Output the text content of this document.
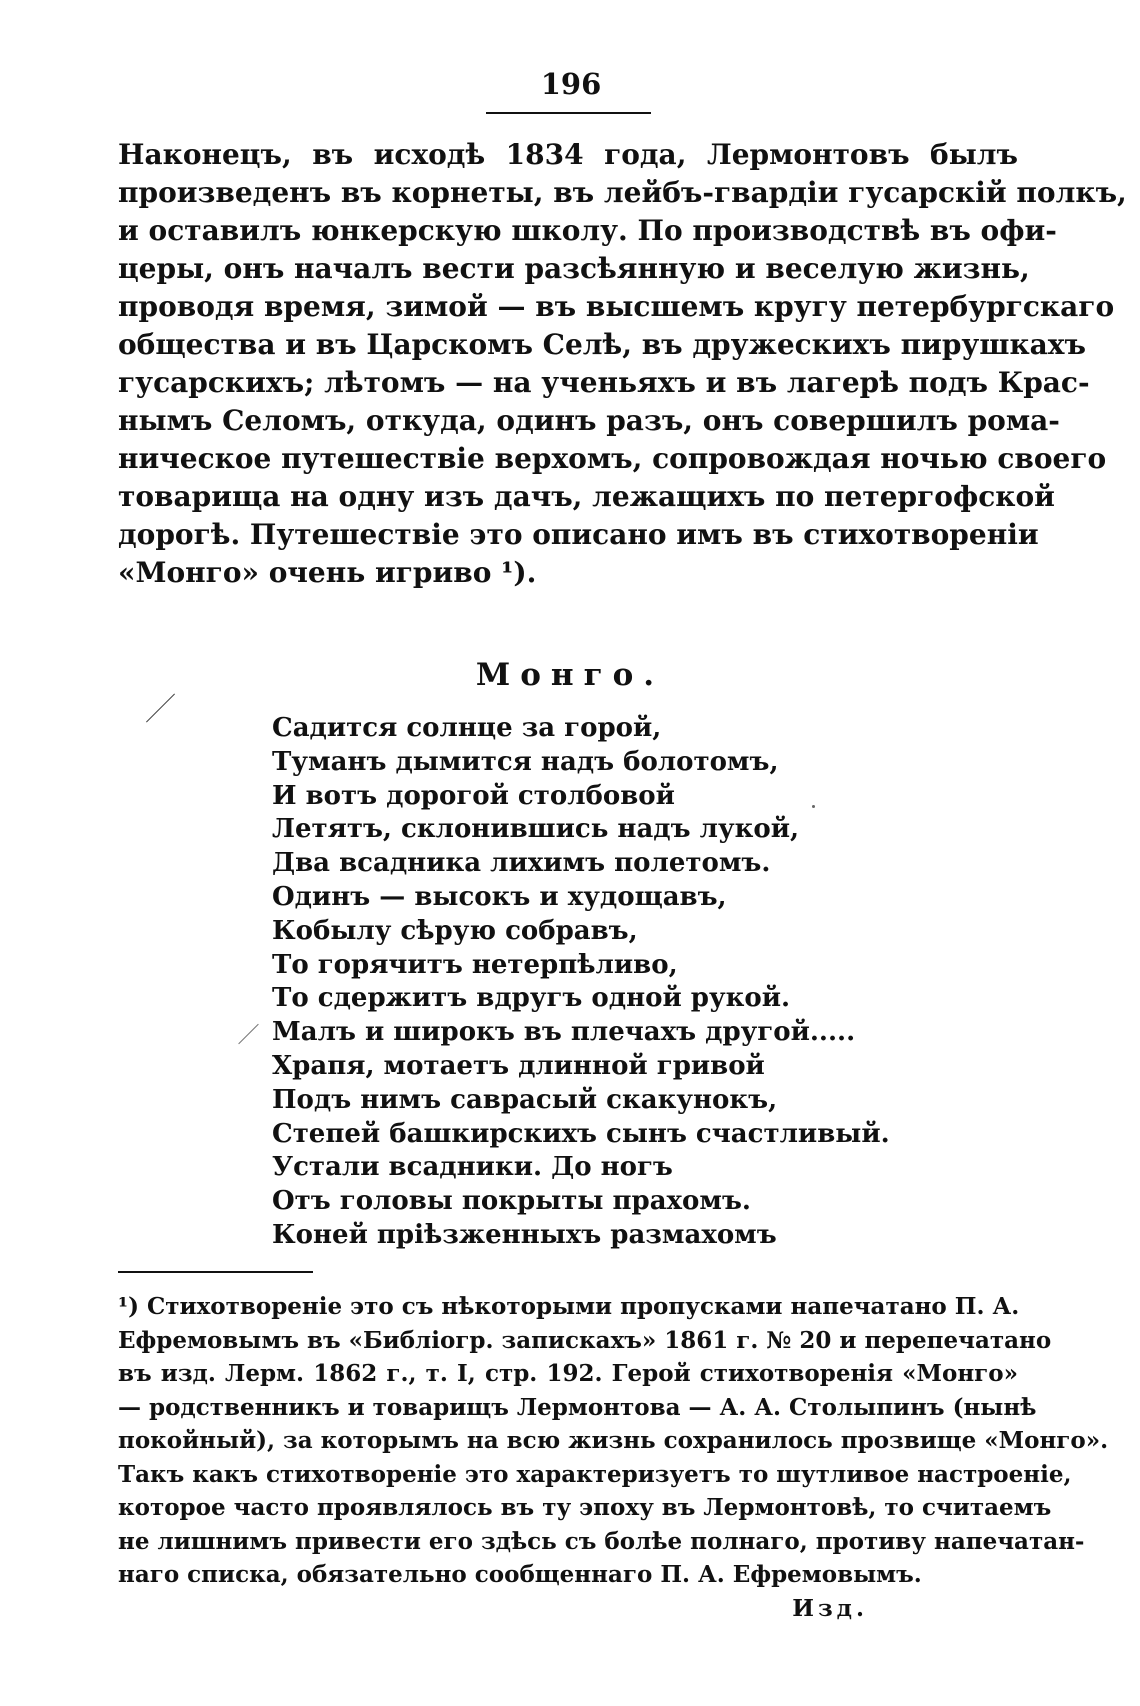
196
Наконецъ, въ исходѣ 1834 года, Лермонтовъ былъ
произведенъ въ корнеты, въ лейбъ-гвардіи гусарскій полкъ,
и оставилъ юнкерскую школу. По производствѣ въ офи-
церы, онъ началъ вести разсѣянную и веселую жизнь,
проводя время, зимой — въ высшемъ кругу петербургскаго
общества и въ Царскомъ Селѣ, въ дружескихъ пирушкахъ
гусарскихъ; лѣтомъ — на ученьяхъ и въ лагерѣ подъ Крас-
нымъ Селомъ, откуда, одинъ разъ, онъ совершилъ рома-
ническое путешествіе верхомъ, сопровождая ночью своего
товарища на одну изъ дачъ, лежащихъ по петергофской
дорогѣ. Путешествіе это описано имъ въ стихотвореніи
«Монго» очень игриво ¹).
Монго.
Садится солнце за горой,
Туманъ дымится надъ болотомъ,
И вотъ дорогой столбовой
Летятъ, склонившись надъ лукой,
Два всадника лихимъ полетомъ.
Одинъ — высокъ и худощавъ,
Кобылу сѣрую собравъ,
То горячитъ нетерпѣливо,
То сдержитъ вдругъ одной рукой.
Малъ и широкъ въ плечахъ другой.....
Храпя, мотаетъ длинной гривой
Подъ нимъ саврасый скакунокъ,
Степей башкирскихъ сынъ счастливый.
Устали всадники. До ногъ
Отъ головы покрыты прахомъ.
Коней пріѣзженныхъ размахомъ
¹) Стихотвореніе это съ нѣкоторыми пропусками напечатано П. А.
Ефремовымъ въ «Библіогр. запискахъ» 1861 г. № 20 и перепечатано
въ изд. Лерм. 1862 г., т. I, стр. 192. Герой стихотворенія «Монго»
— родственникъ и товарищъ Лермонтова — А. А. Столыпинъ (нынѣ
покойный), за которымъ на всю жизнь сохранилось прозвище «Монго».
Такъ какъ стихотвореніе это характеризуетъ то шутливое настроеніе,
которое часто проявлялось въ ту эпоху въ Лермонтовѣ, то считаемъ
не лишнимъ привести его здѣсь съ болѣе полнаго, противу напечатан-
наго списка, обязательно сообщеннаго П. А. Ефремовымъ.
Изд.
